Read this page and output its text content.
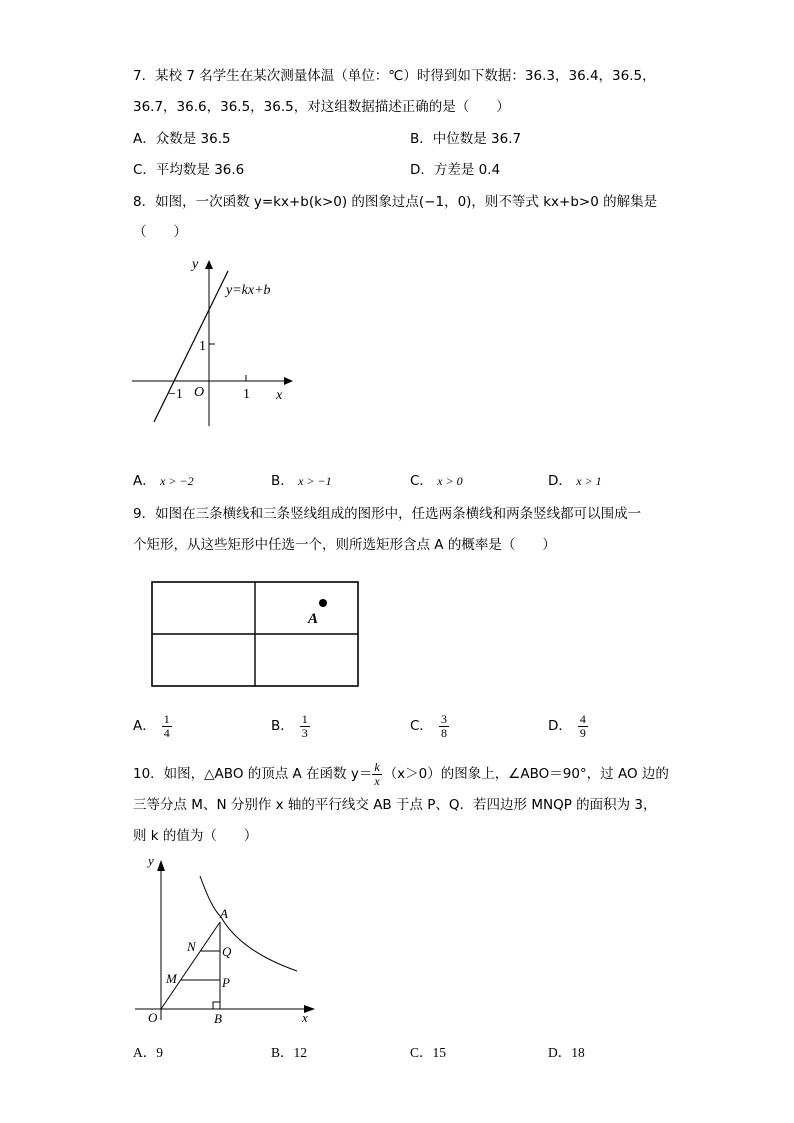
7．某校 7 名学生在某次测量体温（单位：℃）时得到如下数据：36.3，36.4，36.5，
36.7，36.6，36.5，36.5，对这组数据描述正确的是（　　）
A．众数是 36.5	B．中位数是 36.7
C．平均数是 36.6	D．方差是 0.4
8．如图，一次函数 y=kx+b(k>0) 的图象过点(−1，0)，则不等式 kx+b>0 的解集是
（　　）
y
x
y=kx+b
O
1
1
−1
A． x > −2	B． x > −1	C． x > 0	D． x > 1
9．如图在三条横线和三条竖线组成的图形中，任选两条横线和两条竖线都可以围成一
个矩形，从这些矩形中任选一个，则所选矩形含点 A 的概率是（　　）
A
A． $\frac{1}{4}$	B． $\frac{1}{3}$	C． $\frac{3}{8}$	D． $\frac{4}{9}$
10．如图，△ABO 的顶点 A 在函数 $y= \frac{k}{x} (x>0)$的图象上，∠ABO＝90°，过 AO 边的
三等分点 M、N 分别作 x 轴的平行线交 AB 于点 P、Q．若四边形 MNQP 的面积为 3，
则 k 的值为（　　）
y
x
O
A
N Q
M	P
B
A．9	B．12	C．15	D．18
